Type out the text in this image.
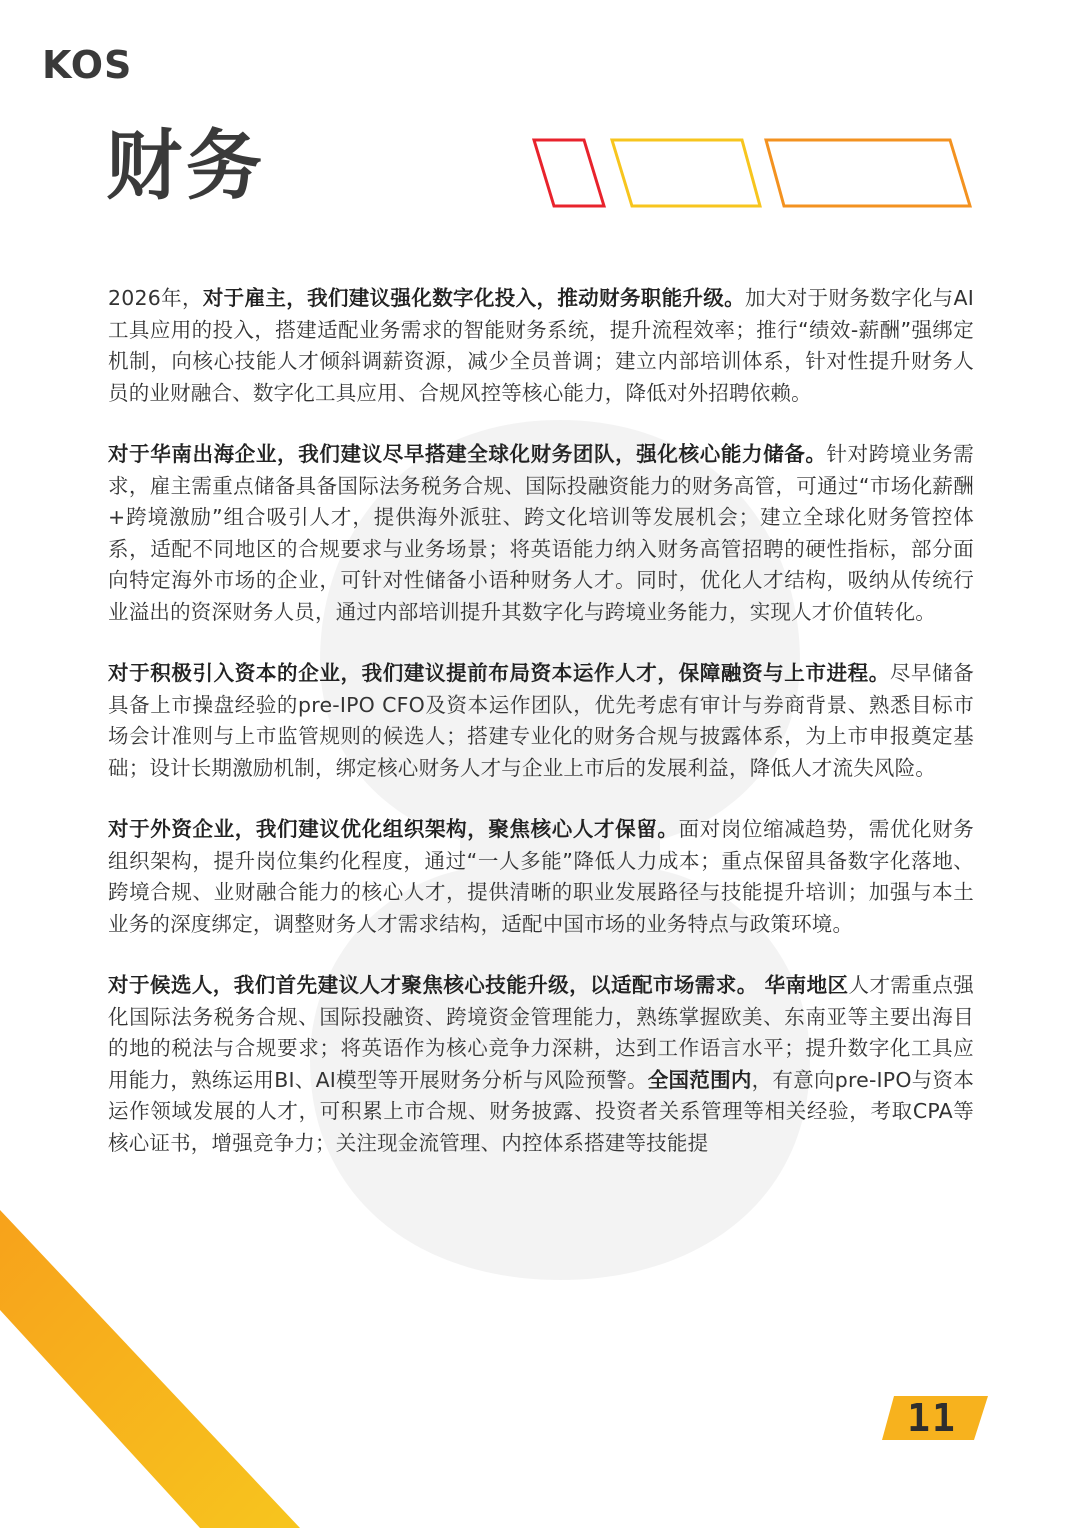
KOS
财务

2026年，对于雇主，我们建议强化数字化投入，推动财务职能升级。加大对于财务数字化与AI工具应用的投入，搭建适配业务需求的智能财务系统，提升流程效率；推行“绩效-薪酬”强绑定机制，向核心技能人才倾斜调薪资源，减少全员普调；建立内部培训体系，针对性提升财务人员的业财融合、数字化工具应用、合规风控等核心能力，降低对外招聘依赖。

对于华南出海企业，我们建议尽早搭建全球化财务团队，强化核心能力储备。针对跨境业务需求，雇主需重点储备具备国际法务税务合规、国际投融资能力的财务高管，可通过“市场化薪酬+跨境激励”组合吸引人才，提供海外派驻、跨文化培训等发展机会；建立全球化财务管控体系，适配不同地区的合规要求与业务场景；将英语能力纳入财务高管招聘的硬性指标，部分面向特定海外市场的企业，可针对性储备小语种财务人才。同时，优化人才结构，吸纳从传统行业溢出的资深财务人员，通过内部培训提升其数字化与跨境业务能力，实现人才价值转化。

对于积极引入资本的企业，我们建议提前布局资本运作人才，保障融资与上市进程。尽早储备具备上市操盘经验的pre-IPO CFO及资本运作团队，优先考虑有审计与券商背景、熟悉目标市场会计准则与上市监管规则的候选人；搭建专业化的财务合规与披露体系，为上市申报奠定基础；设计长期激励机制，绑定核心财务人才与企业上市后的发展利益，降低人才流失风险。

对于外资企业，我们建议优化组织架构，聚焦核心人才保留。面对岗位缩减趋势，需优化财务组织架构，提升岗位集约化程度，通过“一人多能”降低人力成本；重点保留具备数字化落地、跨境合规、业财融合能力的核心人才，提供清晰的职业发展路径与技能提升培训；加强与本土业务的深度绑定，调整财务人才需求结构，适配中国市场的业务特点与政策环境。

对于候选人，我们首先建议人才聚焦核心技能升级，以适配市场需求。 华南地区人才需重点强化国际法务税务合规、国际投融资、跨境资金管理能力，熟练掌握欧美、东南亚等主要出海目的地的税法与合规要求；将英语作为核心竞争力深耕，达到工作语言水平；提升数字化工具应用能力，熟练运用BI、AI模型等开展财务分析与风险预警。全国范围内，有意向pre-IPO与资本运作领域发展的人才，可积累上市合规、财务披露、投资者关系管理等相关经验，考取CPA等核心证书，增强竞争力；关注现金流管理、内控体系搭建等技能提

11
